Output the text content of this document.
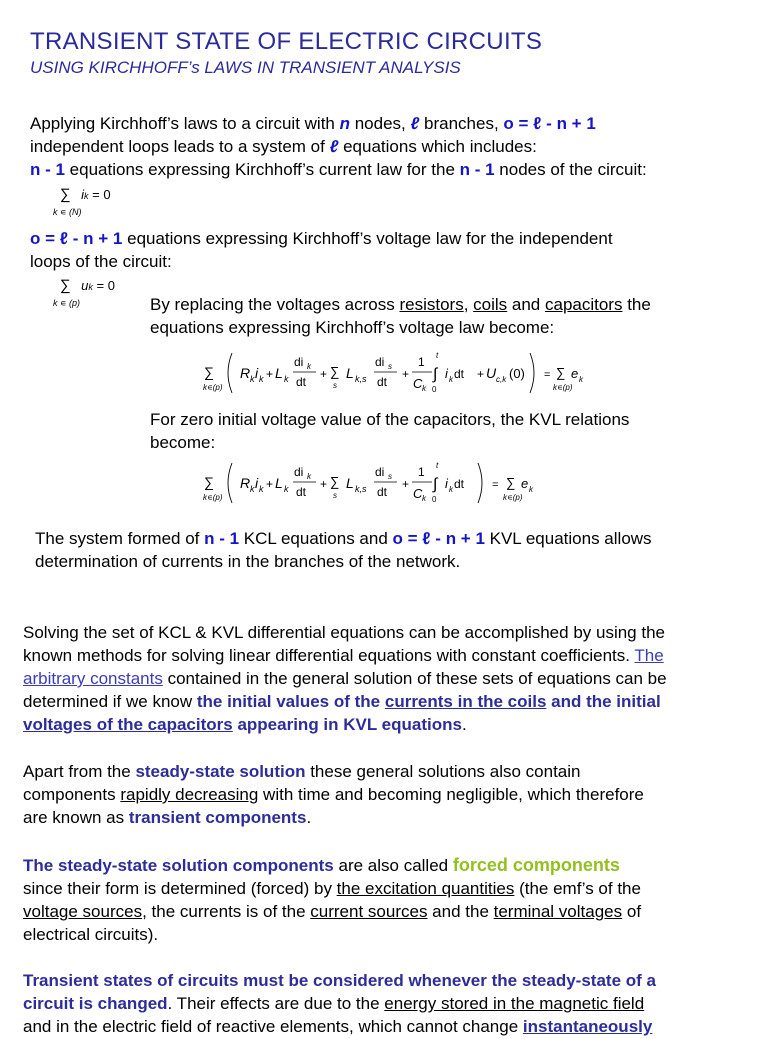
TRANSIENT STATE OF ELECTRIC CIRCUITS
USING KIRCHHOFF’s LAWS IN TRANSIENT ANALYSIS
Applying Kirchhoff’s laws to a circuit with n nodes, ℓ branches, o = ℓ - n + 1
independent loops leads to a system of ℓ equations which includes:
n - 1 equations expressing Kirchhoff’s current law for the n - 1 nodes of the circuit:
∑ ik = 0
k ∊ (N)
o = ℓ - n + 1 equations expressing Kirchhoff’s voltage law for the independent
loops of the circuit:
∑ uk = 0
k ∊ (p)	By replacing the voltages across resistors, coils and capacitors the
equations expressing Kirchhoff’s voltage law become:
∑
k∊(p)
R k i k + L k
di k
dt
+ ∑
s
L k,s
di s
dt
+
1
C k
t
∫
0
i k dt + U c,k (0) = ∑
k∊(p)
e k
For zero initial voltage value of the capacitors, the KVL relations
become:
∑
k∊(p)
R k i k + L k
di k
dt
+ ∑
s
L k,s
di s
dt
+
1
C k
t
∫
0
i k dt	= ∑
k∊(p)
e k
The system formed of n - 1 KCL equations and o = ℓ - n + 1 KVL equations allows
determination of currents in the branches of the network.
Solving the set of KCL & KVL differential equations can be accomplished by using the
known methods for solving linear differential equations with constant coefficients. The
arbitrary constants contained in the general solution of these sets of equations can be
determined if we know the initial values of the currents in the coils and the initial
voltages of the capacitors appearing in KVL equations.
Apart from the steady-state solution these general solutions also contain
components rapidly decreasing with time and becoming negligible, which therefore
are known as transient components.
The steady-state solution components are also called forced components
since their form is determined (forced) by the excitation quantities (the emf’s of the
voltage sources, the currents is of the current sources and the terminal voltages of
electrical circuits).
Transient states of circuits must be considered whenever the steady-state of a
circuit is changed. Their effects are due to the energy stored in the magnetic field
and in the electric field of reactive elements, which cannot change instantaneously
